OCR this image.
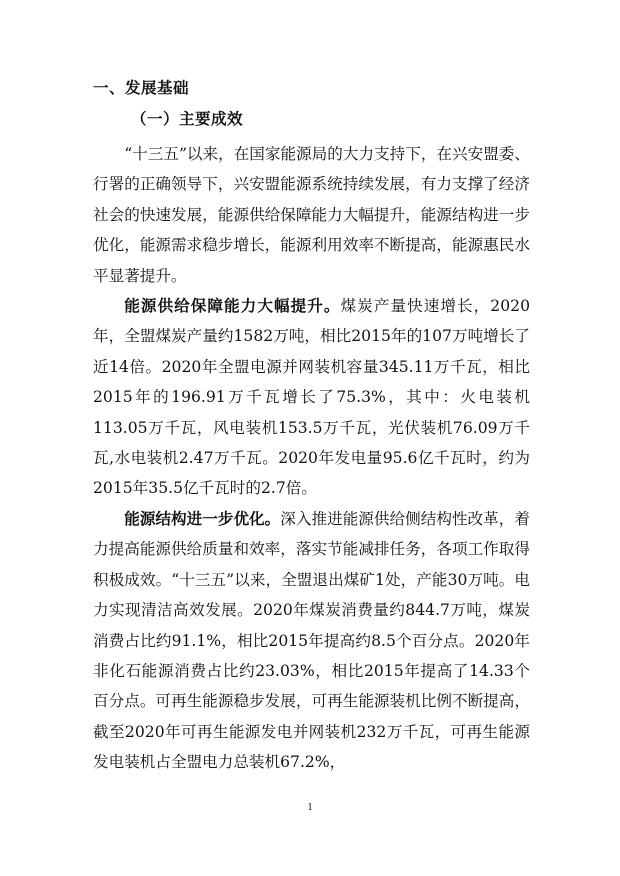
一、发展基础
（一）主要成效

“十三五”以来，在国家能源局的大力支持下，在兴安盟委、行署的正确领导下，兴安盟能源系统持续发展，有力支撑了经济社会的快速发展，能源供给保障能力大幅提升，能源结构进一步优化，能源需求稳步增长，能源利用效率不断提高，能源惠民水平显著提升。

能源供给保障能力大幅提升。煤炭产量快速增长，2020年，全盟煤炭产量约1582万吨，相比2015年的107万吨增长了近14倍。2020年全盟电源并网装机容量345.11万千瓦，相比2015年的196.91万千瓦增长了75.3%，其中：火电装机113.05万千瓦，风电装机153.5万千瓦，光伏装机76.09万千瓦,水电装机2.47万千瓦。2020年发电量95.6亿千瓦时，约为2015年35.5亿千瓦时的2.7倍。

能源结构进一步优化。深入推进能源供给侧结构性改革，着力提高能源供给质量和效率，落实节能减排任务，各项工作取得积极成效。“十三五”以来，全盟退出煤矿1处，产能30万吨。电力实现清洁高效发展。2020年煤炭消费量约844.7万吨，煤炭消费占比约91.1%，相比2015年提高约8.5个百分点。2020年非化石能源消费占比约23.03%，相比2015年提高了14.33个百分点。可再生能源稳步发展，可再生能源装机比例不断提高，截至2020年可再生能源发电并网装机232万千瓦，可再生能源发电装机占全盟电力总装机67.2%，

1
